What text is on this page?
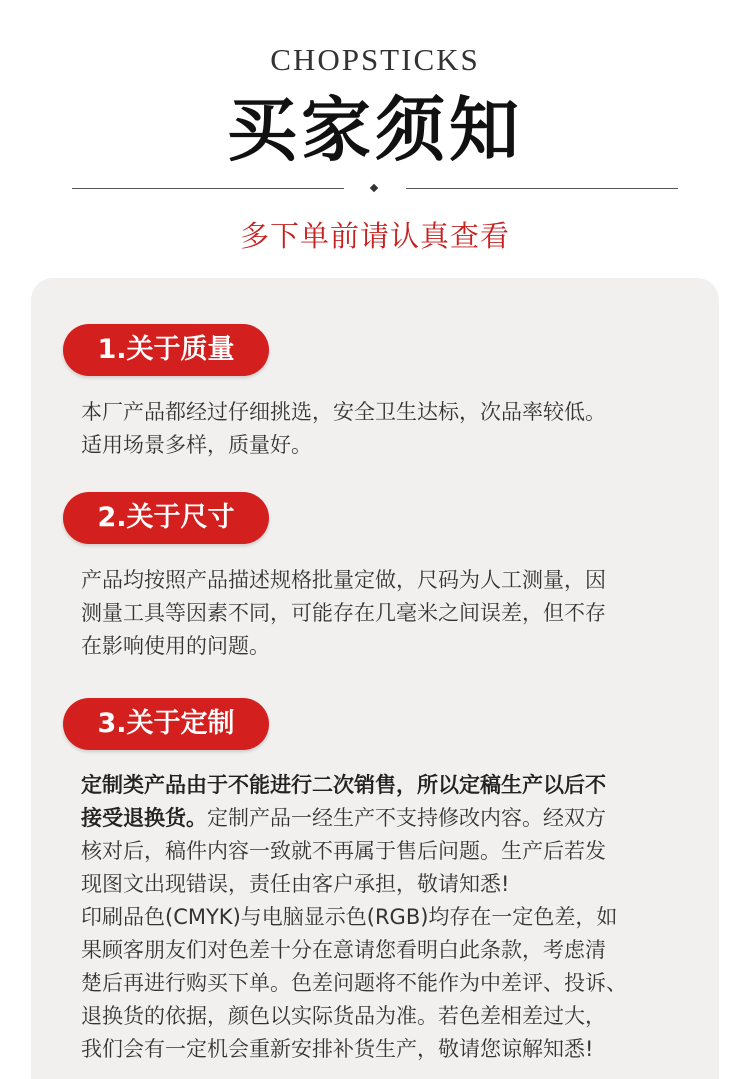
CHOPSTICKS
买家须知
多下单前请认真查看
1.关于质量

本厂产品都经过仔细挑选，安全卫生达标，次品率较低。

适用场景多样，质量好。

2.关于尺寸

产品均按照产品描述规格批量定做，尺码为人工测量，因

测量工具等因素不同，可能存在几毫米之间误差，但不存

在影响使用的问题。

3.关于定制

定制类产品由于不能进行二次销售，所以定稿生产以后不

接受退换货。定制产品一经生产不支持修改内容。经双方

核对后，稿件内容一致就不再属于售后问题。生产后若发

现图文出现错误，责任由客户承担，敬请知悉!

印刷品色(CMYK)与电脑显示色(RGB)均存在一定色差，如

果顾客朋友们对色差十分在意请您看明白此条款，考虑清

楚后再进行购买下单。色差问题将不能作为中差评、投诉、

退换货的依据，颜色以实际货品为准。若色差相差过大，

我们会有一定机会重新安排补货生产，敬请您谅解知悉!
